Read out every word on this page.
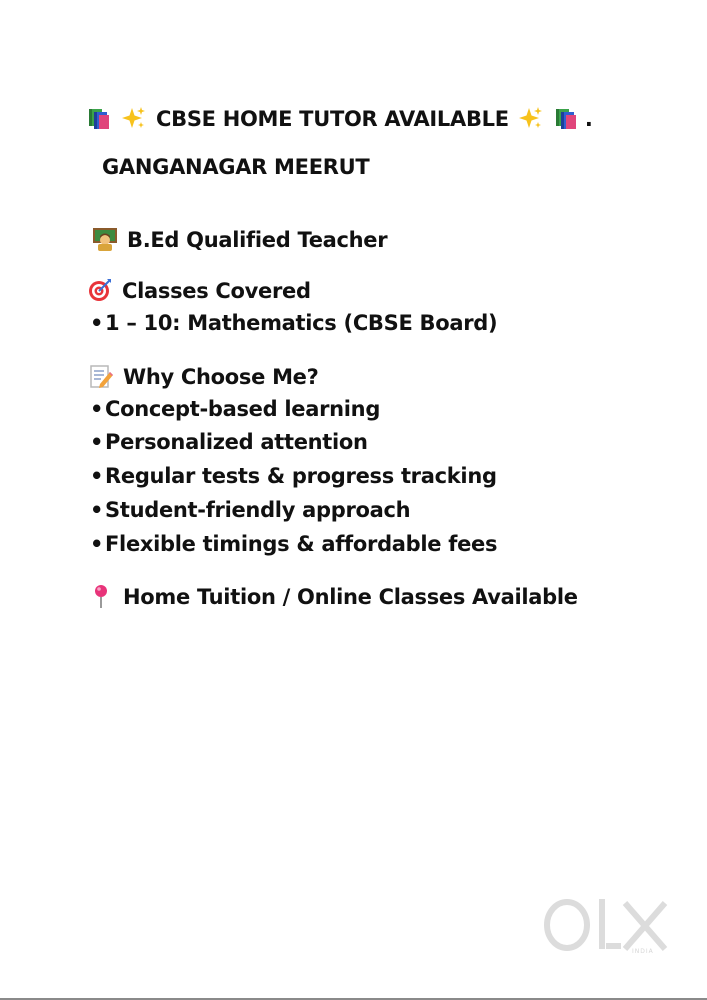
CBSE HOME TUTOR AVAILABLE	.
GANGANAGAR MEERUT
B.Ed Qualified Teacher
Classes Covered
•1 – 10: Mathematics (CBSE Board)
Why Choose Me?
•Concept-based learning
•Personalized attention
•Regular tests & progress tracking
•Student-friendly approach
•Flexible timings & affordable fees
Home Tuition / Online Classes Available
INDIA
